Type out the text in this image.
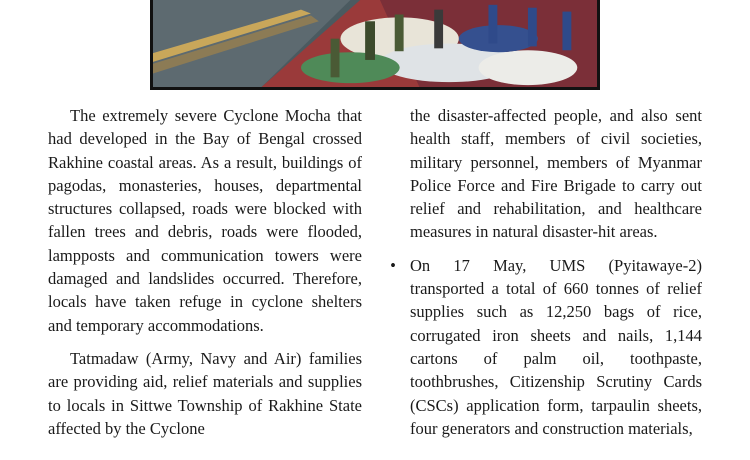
The extremely severe Cyclone Mocha that had developed in the Bay of Bengal crossed Rakhine coastal areas. As a result, buildings of pagodas, monasteries, houses, departmental structures collapsed, roads were blocked with fallen trees and debris, roads were flooded, lampposts and communication towers were damaged and landslides occurred. Therefore, locals have taken refuge in cyclone shelters and temporary accommodations.

Tatmadaw (Army, Navy and Air) families are providing aid, relief materials and supplies to locals in Sittwe Township of Rakhine State affected by the Cyclone

the disaster-affected people, and also sent health staff, members of civil societies, military personnel, members of Myanmar Police Force and Fire Brigade to carry out relief and rehabilitation, and healthcare measures in natural disaster-hit areas.

• On 17 May, UMS (Pyitawaye-2) transported a total of 660 tonnes of relief supplies such as 12,250 bags of rice, corrugated iron sheets and nails, 1,144 cartons of palm oil, toothpaste, toothbrushes, Citizenship Scrutiny Cards (CSCs) application form, tarpaulin sheets, four generators and construction materials,
